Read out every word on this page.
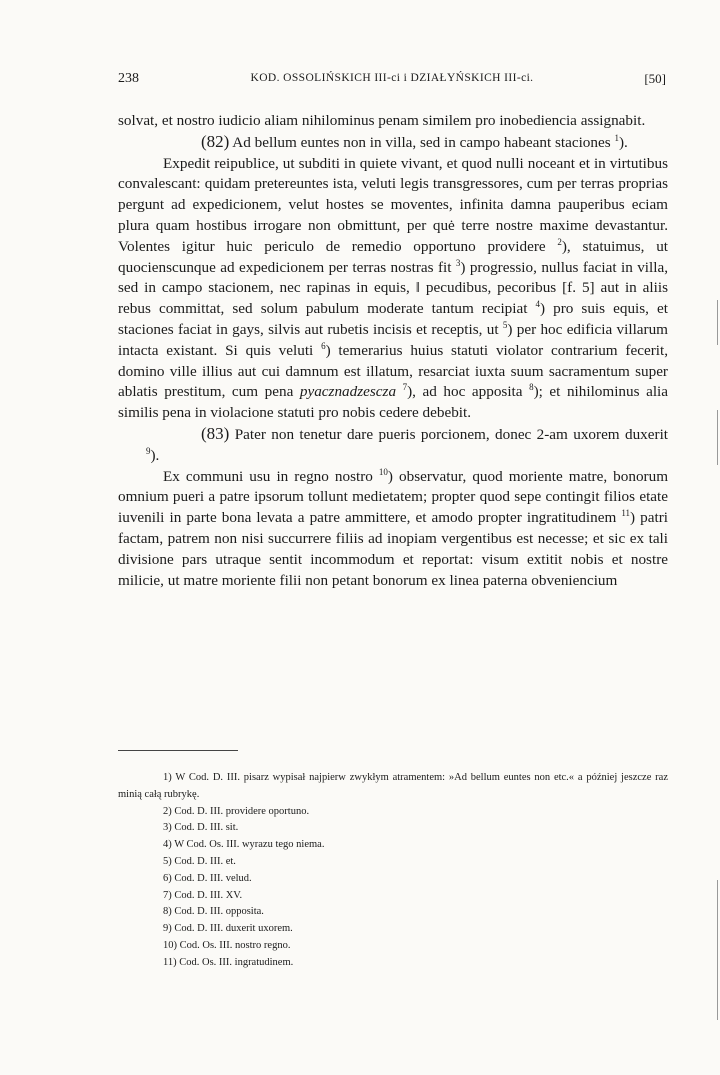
238	KOD. OSSOLIŃSKICH III-ci i DZIAŁYŃSKICH III-ci.	[50]

solvat, et nostro iudicio aliam nihilominus penam similem pro inobediencia assignabit.

(82) Ad bellum euntes non in villa, sed in campo habeant staciones $^1$).

Expedit reipublice, ut subditi in quiete vivant, et quod nulli noceant et in virtutibus convalescant: quidam pretereuntes ista, veluti legis transgressores, cum per terras proprias pergunt ad expedicionem, velut hostes se moventes, infinita damna pauperibus eciam plura quam hostibus irrogare non obmittunt, per quė terre nostre maxime devastantur. Volentes igitur huic periculo de remedio opportuno providere $^2$), statuimus, ut quocienscunque ad expedicionem per terras nostras fit $^3$) progressio, nullus faciat in villa, sed in campo stacionem, nec rapinas in equis, ‖ pecudibus, pecoribus [f. 5] aut in aliis rebus committat, sed solum pabulum moderate tantum recipiat $^4$) pro suis equis, et staciones faciat in gays, silvis aut rubetis incisis et receptis, ut $^5$) per hoc edificia villarum intacta existant. Si quis veluti $^6$) temerarius huius statuti violator contrarium fecerit, domino ville illius aut cui damnum est illatum, resarciat iuxta suum sacramentum super ablatis prestitum, cum pena pyacznadzescza $^7$), ad hoc apposita $^8$); et nihilominus alia similis pena in violacione statuti pro nobis cedere debebit.

(83) Pater non tenetur dare pueris porcionem, donec 2-am uxorem duxerit $^9$).

Ex communi usu in regno nostro $^{10}$) observatur, quod moriente matre, bonorum omnium pueri a patre ipsorum tollunt medietatem; propter quod sepe contingit filios etate iuvenili in parte bona levata a patre ammittere, et amodo propter ingratitudinem $^{11}$) patri factam, patrem non nisi succurrere filiis ad inopiam vergentibus est necesse; et sic ex tali divisione pars utraque sentit incommodum et reportat: visum extitit nobis et nostre milicie, ut matre moriente filii non petant bonorum ex linea paterna obveniencium

1) W Cod. D. III. pisarz wypisał najpierw zwykłym atramentem: »Ad bellum euntes non etc.« a później jeszcze raz minią całą rubrykę.

2) Cod. D. III. providere oportuno.

3) Cod. D. III. sit.

4) W Cod. Os. III. wyrazu tego niema.

5) Cod. D. III. et.

6) Cod. D. III. velud.

7) Cod. D. III. XV.

8) Cod. D. III. opposita.

9) Cod. D. III. duxerit uxorem.

10) Cod. Os. III. nostro regno.

11) Cod. Os. III. ingratudinem.
